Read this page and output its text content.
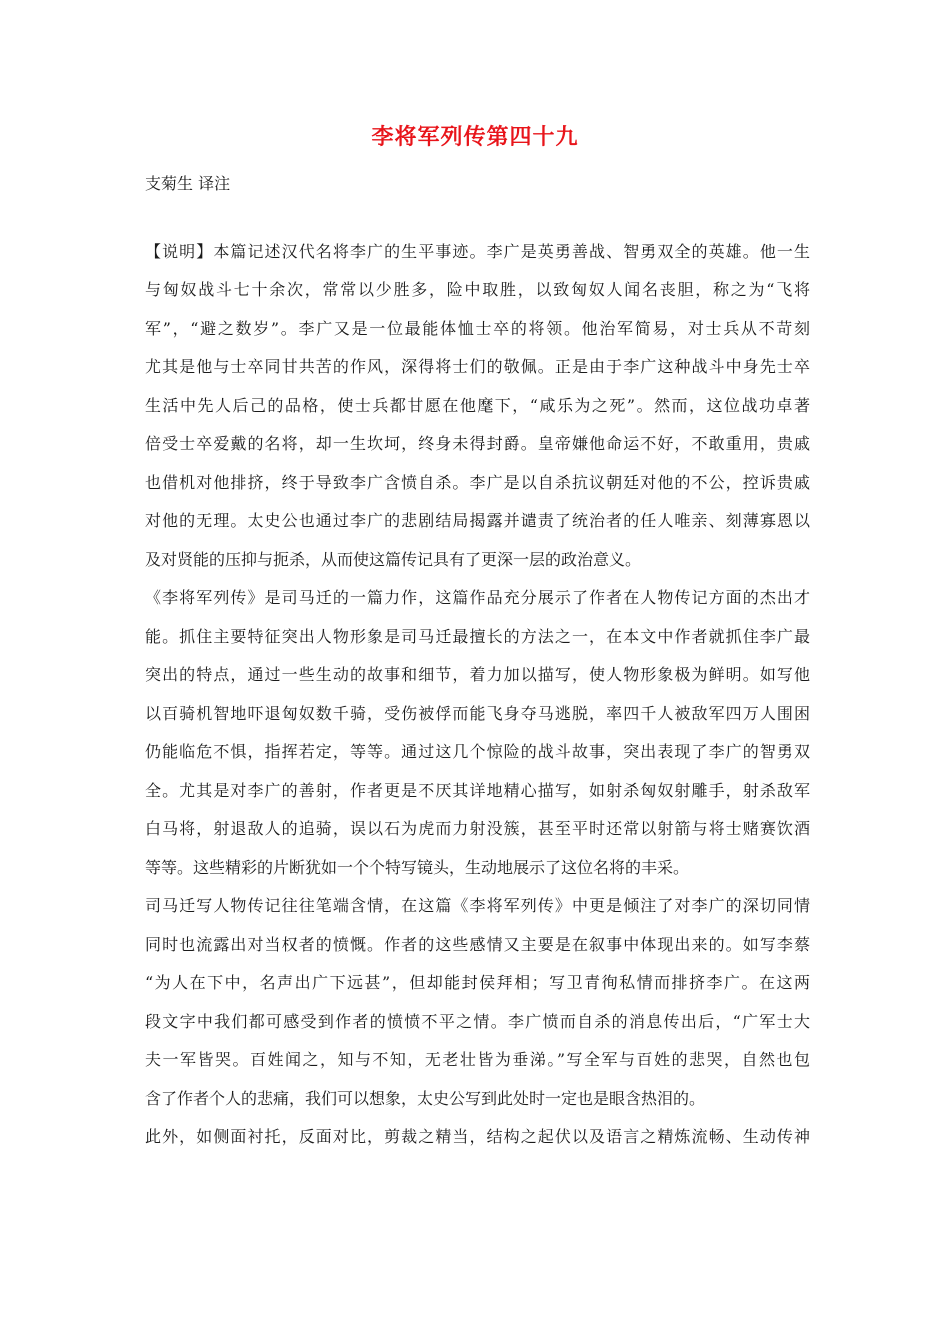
李将军列传第四十九

支菊生 译注

【说明】本篇记述汉代名将李广的生平事迹。李广是英勇善战、智勇双全的英雄。他一生

与匈奴战斗七十余次，常常以少胜多，险中取胜，以致匈奴人闻名丧胆，称之为“飞将

军”，“避之数岁”。李广又是一位最能体恤士卒的将领。他治军简易，对士兵从不苛刻

尤其是他与士卒同甘共苦的作风，深得将士们的敬佩。正是由于李广这种战斗中身先士卒

生活中先人后己的品格，使士兵都甘愿在他麾下，“咸乐为之死”。然而，这位战功卓著

倍受士卒爱戴的名将，却一生坎坷，终身未得封爵。皇帝嫌他命运不好，不敢重用，贵戚

也借机对他排挤，终于导致李广含愤自杀。李广是以自杀抗议朝廷对他的不公，控诉贵戚

对他的无理。太史公也通过李广的悲剧结局揭露并谴责了统治者的任人唯亲、刻薄寡恩以

及对贤能的压抑与扼杀，从而使这篇传记具有了更深一层的政治意义。

《李将军列传》是司马迁的一篇力作，这篇作品充分展示了作者在人物传记方面的杰出才

能。抓住主要特征突出人物形象是司马迁最擅长的方法之一，在本文中作者就抓住李广最

突出的特点，通过一些生动的故事和细节，着力加以描写，使人物形象极为鲜明。如写他

以百骑机智地吓退匈奴数千骑，受伤被俘而能飞身夺马逃脱，率四千人被敌军四万人围困

仍能临危不惧，指挥若定，等等。通过这几个惊险的战斗故事，突出表现了李广的智勇双

全。尤其是对李广的善射，作者更是不厌其详地精心描写，如射杀匈奴射雕手，射杀敌军

白马将，射退敌人的追骑，误以石为虎而力射没簇，甚至平时还常以射箭与将士赌赛饮酒

等等。这些精彩的片断犹如一个个特写镜头，生动地展示了这位名将的丰采。

司马迁写人物传记往往笔端含情，在这篇《李将军列传》中更是倾注了对李广的深切同情

同时也流露出对当权者的愤慨。作者的这些感情又主要是在叙事中体现出来的。如写李蔡

“为人在下中，名声出广下远甚”，但却能封侯拜相；写卫青徇私情而排挤李广。在这两

段文字中我们都可感受到作者的愤愤不平之情。李广愤而自杀的消息传出后，“广军士大

夫一军皆哭。百姓闻之，知与不知，无老壮皆为垂涕。”写全军与百姓的悲哭，自然也包

含了作者个人的悲痛，我们可以想象，太史公写到此处时一定也是眼含热泪的。

此外，如侧面衬托，反面对比，剪裁之精当，结构之起伏以及语言之精炼流畅、生动传神
